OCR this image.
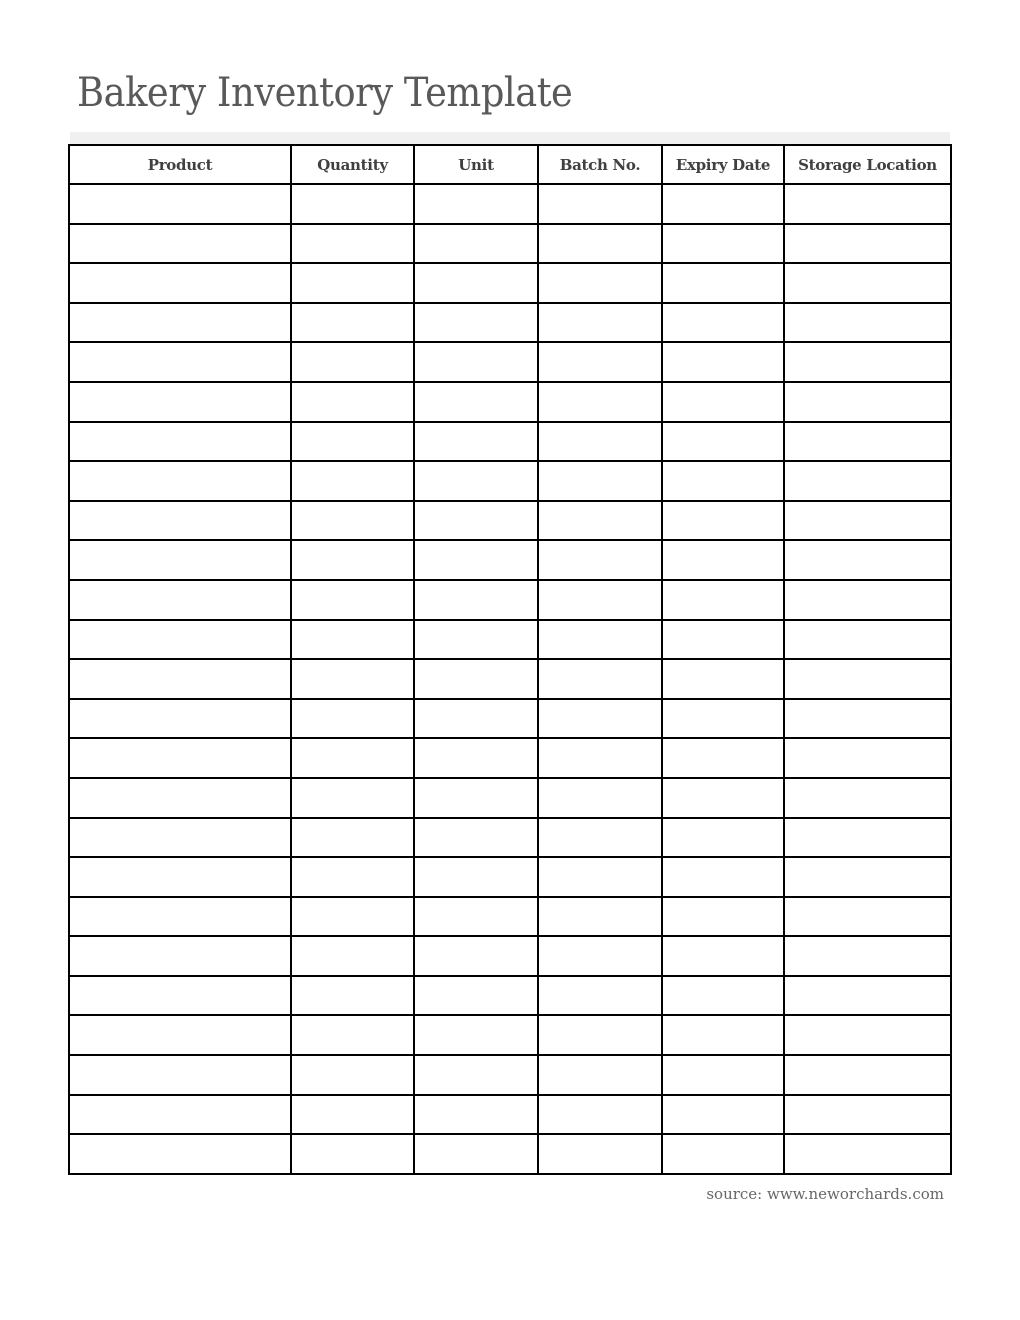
Bakery Inventory Template
Product	Quantity	Unit	Batch No.	Expiry Date	Storage Location

source: www.neworchards.com
